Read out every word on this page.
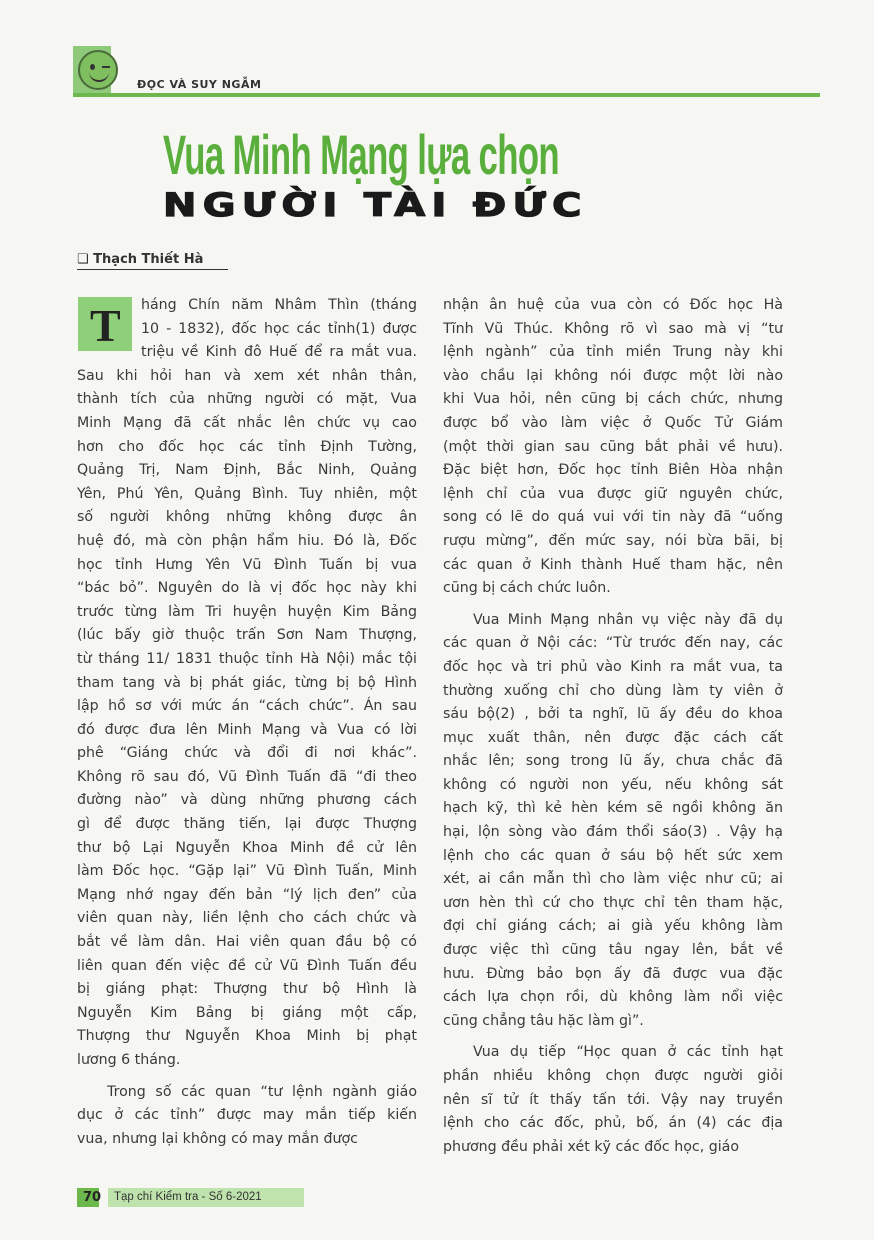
ĐỌC VÀ SUY NGẪM
Vua Minh Mạng lựa chọn
NGƯỜI TÀI ĐỨC
❑ Thạch Thiết Hà
T	háng Chín năm Nhâm Thìn (tháng
10 - 1832), đốc học các tỉnh(1) được
triệu về Kinh đô Huế để ra mắt vua.
Sau khi hỏi han và xem xét nhân thân,
thành tích của những người có mặt, Vua
Minh Mạng đã cất nhắc lên chức vụ cao
hơn cho đốc học các tỉnh Định Tường,
Quảng Trị, Nam Định, Bắc Ninh, Quảng
Yên, Phú Yên, Quảng Bình. Tuy nhiên, một
số người không những không được ân
huệ đó, mà còn phận hẩm hiu. Đó là, Đốc
học tỉnh Hưng Yên Vũ Đình Tuấn bị vua
“bác bỏ”. Nguyên do là vị đốc học này khi
trước từng làm Tri huyện huyện Kim Bảng
(lúc bấy giờ thuộc trấn Sơn Nam Thượng,
từ tháng 11/ 1831 thuộc tỉnh Hà Nội) mắc tội
tham tang và bị phát giác, từng bị bộ Hình
lập hồ sơ với mức án “cách chức”. Án sau
đó được đưa lên Minh Mạng và Vua có lời
phê “Giáng chức và đổi đi nơi khác”.
Không rõ sau đó, Vũ Đình Tuấn đã “đi theo
đường nào” và dùng những phương cách
gì để được thăng tiến, lại được Thượng
thư bộ Lại Nguyễn Khoa Minh đề cử lên
làm Đốc học. “Gặp lại” Vũ Đình Tuấn, Minh
Mạng nhớ ngay đến bản “lý lịch đen” của
viên quan này, liền lệnh cho cách chức và
bắt về làm dân. Hai viên quan đầu bộ có
liên quan đến việc đề cử Vũ Đình Tuấn đều
bị giáng phạt: Thượng thư bộ Hình là
Nguyễn Kim Bảng bị giáng một cấp,
Thượng thư Nguyễn Khoa Minh bị phạt
lương 6 tháng.
Trong số các quan “tư lệnh ngành giáo
dục ở các tỉnh” được may mắn tiếp kiến
vua, nhưng lại không có may mắn được
nhận ân huệ của vua còn có Đốc học Hà
Tĩnh Vũ Thúc. Không rõ vì sao mà vị “tư
lệnh ngành” của tỉnh miền Trung này khi
vào chầu lại không nói được một lời nào
khi Vua hỏi, nên cũng bị cách chức, nhưng
được bổ vào làm việc ở Quốc Tử Giám
(một thời gian sau cũng bắt phải về hưu).
Đặc biệt hơn, Đốc học tỉnh Biên Hòa nhận
lệnh chỉ của vua được giữ nguyên chức,
song có lẽ do quá vui với tin này đã “uống
rượu mừng”, đến mức say, nói bừa bãi, bị
các quan ở Kinh thành Huế tham hặc, nên
cũng bị cách chức luôn.
Vua Minh Mạng nhân vụ việc này đã dụ
các quan ở Nội các: “Từ trước đến nay, các
đốc học và tri phủ vào Kinh ra mắt vua, ta
thường xuống chỉ cho dùng làm ty viên ở
sáu bộ(2) , bởi ta nghĩ, lũ ấy đều do khoa
mục xuất thân, nên được đặc cách cất
nhắc lên; song trong lũ ấy, chưa chắc đã
không có người non yếu, nếu không sát
hạch kỹ, thì kẻ hèn kém sẽ ngồi không ăn
hại, lộn sòng vào đám thổi sáo(3) . Vậy hạ
lệnh cho các quan ở sáu bộ hết sức xem
xét, ai cần mẫn thì cho làm việc như cũ; ai
ươn hèn thì cứ cho thực chỉ tên tham hặc,
đợi chỉ giáng cách; ai già yếu không làm
được việc thì cũng tâu ngay lên, bắt về
hưu. Đừng bảo bọn ấy đã được vua đặc
cách lựa chọn rồi, dù không làm nổi việc
cũng chẳng tâu hặc làm gì”.
Vua dụ tiếp “Học quan ở các tỉnh hạt
phần nhiều không chọn được người giỏi
nên sĩ tử ít thấy tấn tới. Vậy nay truyền
lệnh cho các đốc, phủ, bố, án (4) các địa
phương đều phải xét kỹ các đốc học, giáo
70 Tạp chí Kiểm tra - Số 6-2021
